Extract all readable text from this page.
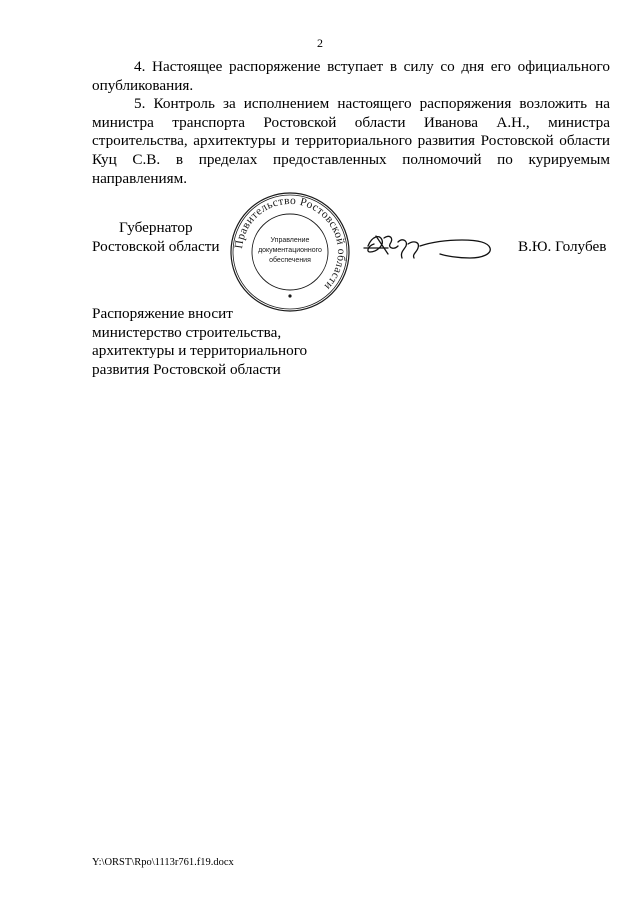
2

4. Настоящее распоряжение вступает в силу со дня его официального опубликования.

5. Контроль за исполнением настоящего распоряжения возложить на министра транспорта Ростовской области Иванова А.Н., министра строительства, архитектуры и территориального развития Ростовской области Куц С.В. в пределах предоставленных полномочий по курируемым направлениям.

Губернатор
Ростовской области	Правительство Ростовской области
Управление
документационного
обеспечения
В.Ю. Голубев
Распоряжение вносит
министерство строительства,
архитектуры и территориального
развития Ростовской области
Y:\ORST\Rpo\1113r761.f19.docx
